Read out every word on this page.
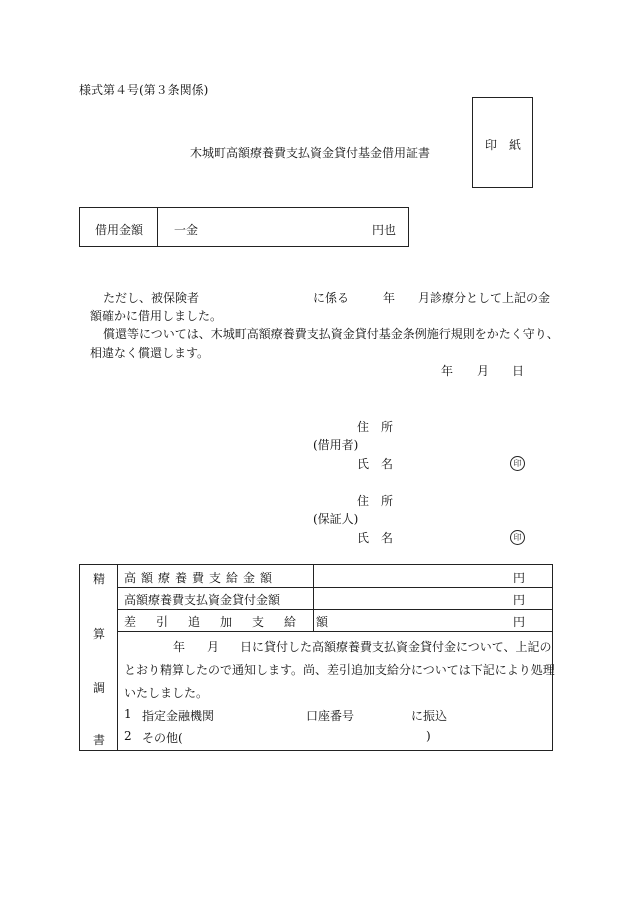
様式第４号(第３条関係)
木城町高額療養費支払資金貸付基金借用証書
印　紙
借用金額	一金	円也
ただし、被保険者	に係る	年 月診療分として上記の金
額確かに借用しました。
償還等については、木城町高額療養費支払資金貸付基金条例施行規則をかたく守り、
相違なく償還します。
年 月 日
住　所
(借用者)
氏　名	印
住　所
(保証人)
氏　名	印
精
算
調
書
高額療養費支給金額	円
高額療養費支払資金貸付金額	円
差引追加支給額	円
年 月 日に貸付した高額療養費支払資金貸付金について、上記の
とおり精算したので通知します。尚、差引追加支給分については下記により処理
いたしました。
1 指定金融機関	口座番号	に振込
2 その他(	)
